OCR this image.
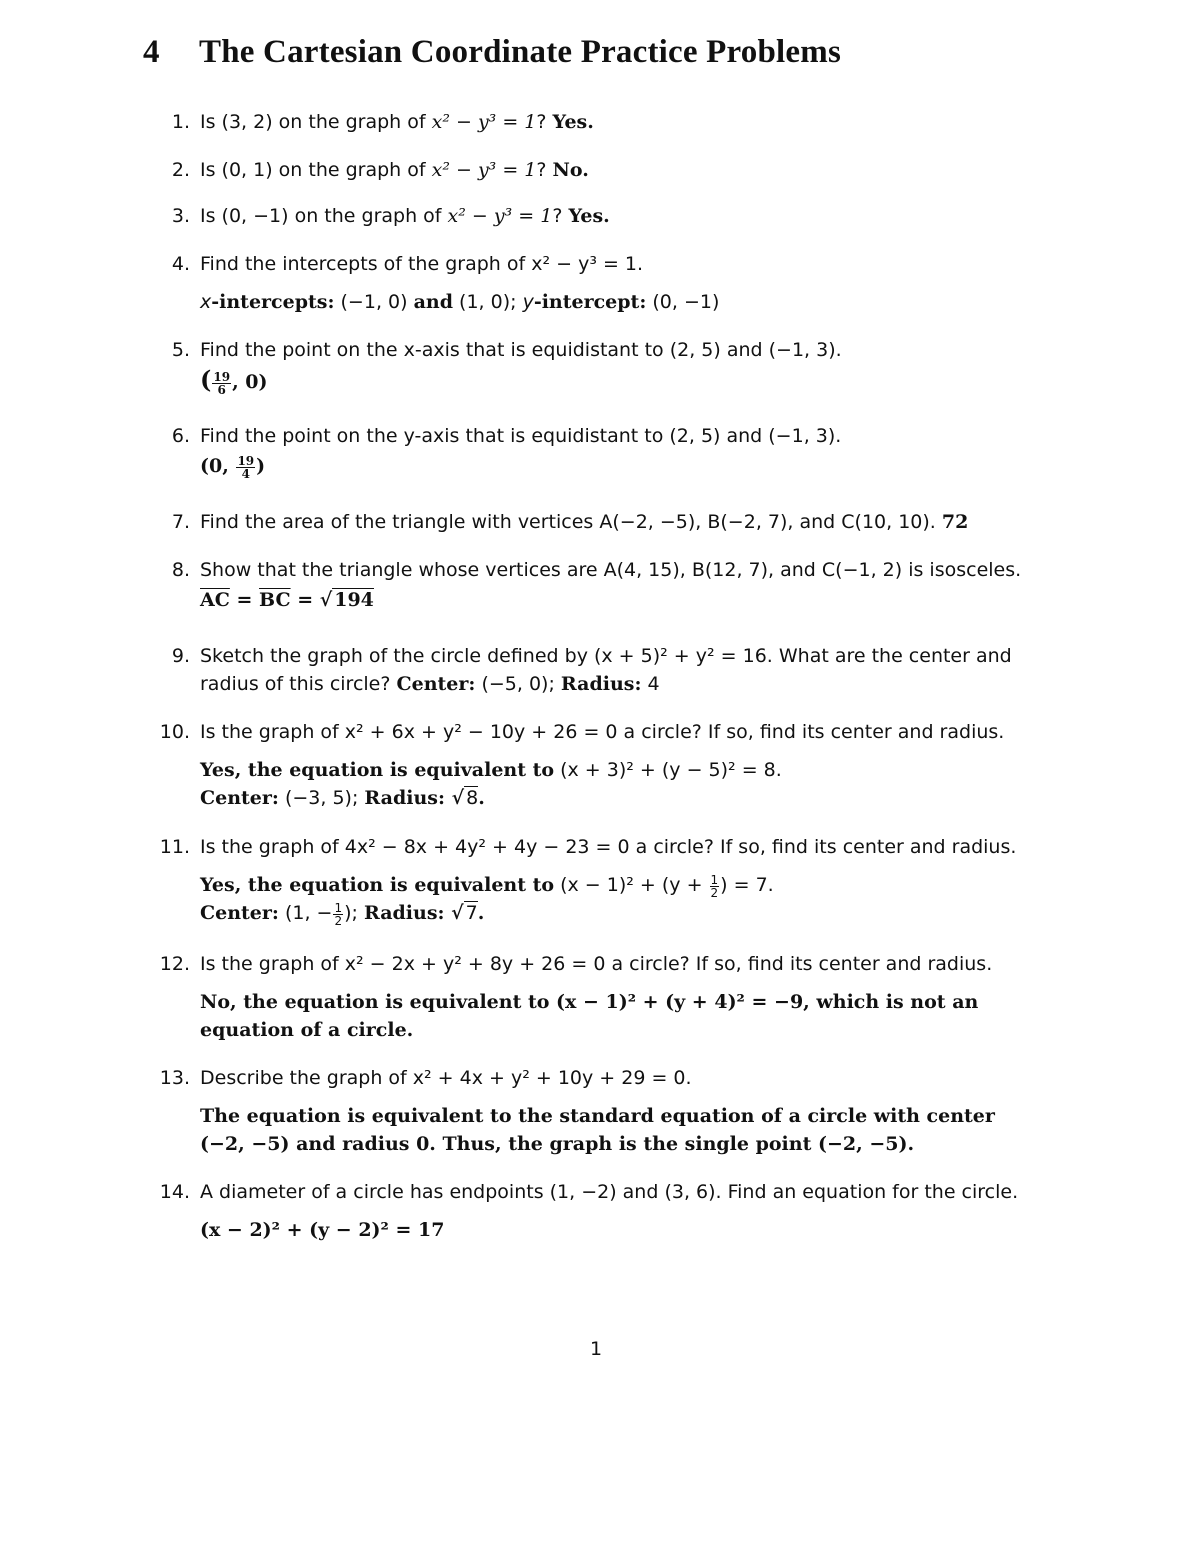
4 The Cartesian Coordinate Practice Problems
1. Is (3, 2) on the graph of x² − y³ = 1? Yes.
2. Is (0, 1) on the graph of x² − y³ = 1? No.
3. Is (0, −1) on the graph of x² − y³ = 1? Yes.
4. Find the intercepts of the graph of x² − y³ = 1.
x-intercepts: (−1, 0) and (1, 0); y-intercept: (0, −1)
5. Find the point on the x-axis that is equidistant to (2, 5) and (−1, 3).
( $\frac{19}{6}$ , 0)
6. Find the point on the y-axis that is equidistant to (2, 5) and (−1, 3).
(0, $\frac{19}{4}$ )
7. Find the area of the triangle with vertices A(−2, −5), B(−2, 7), and C(10, 10). 72
8. Show that the triangle whose vertices are A(4, 15), B(12, 7), and C(−1, 2) is isosceles.
$\overline{AC} = \overline{BC}$ = √ 194
9. Sketch the graph of the circle defined by (x + 5)² + y² = 16. What are the center and
radius of this circle? Center: (−5, 0); Radius: 4
10. Is the graph of x² + 6x + y² − 10y + 26 = 0 a circle? If so, find its center and radius.
Yes, the equation is equivalent to (x + 3)² + (y − 5)² = 8.
Center: (−3, 5); Radius: √ 8.
11. Is the graph of 4x² − 8x + 4y² + 4y − 23 = 0 a circle? If so, find its center and radius.
Yes, the equation is equivalent to $(x - 1)^2 + (y + \frac{1}{2}$ ) = 7.
Center: (1, − $\frac{1}{2}$ ); Radius: √ 7.
12. Is the graph of x² − 2x + y² + 8y + 26 = 0 a circle? If so, find its center and radius.
No, the equation is equivalent to (x − 1)² + (y + 4)² = −9, which is not an
equation of a circle.
13. Describe the graph of x² + 4x + y² + 10y + 29 = 0.
The equation is equivalent to the standard equation of a circle with center
(−2, −5) and radius 0. Thus, the graph is the single point (−2, −5).
14. A diameter of a circle has endpoints (1, −2) and (3, 6). Find an equation for the circle.
(x − 2)² + (y − 2)² = 17
1
